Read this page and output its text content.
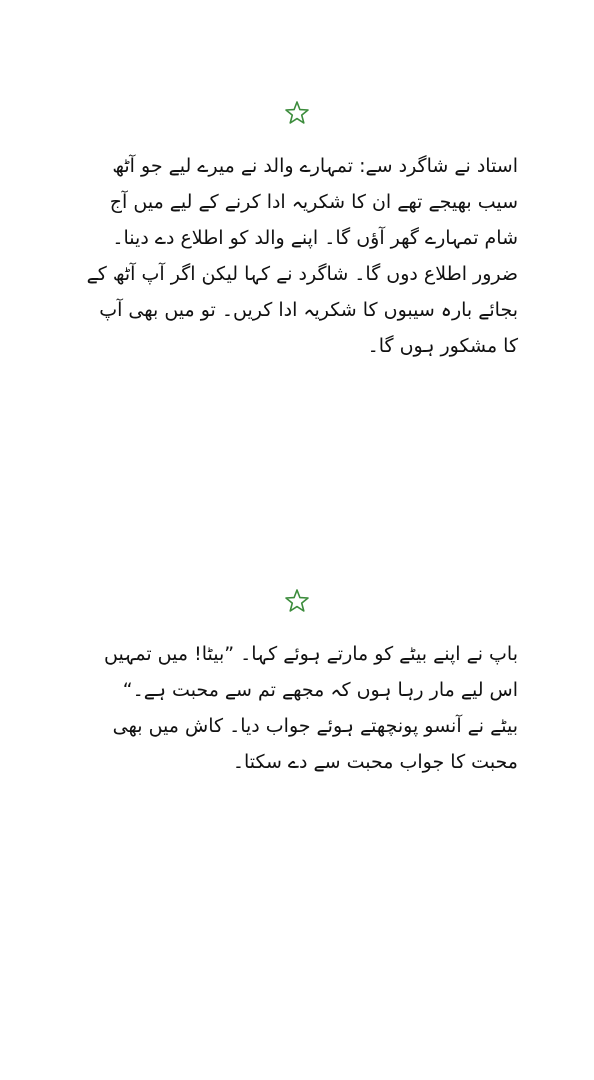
استاد نے شاگرد سے: تمہارے والد نے میرے لیے جو آٹھ سیب بھیجے تھے ان کا شکریہ ادا کرنے کے لیے میں آج شام تمہارے گھر آؤں گا۔ اپنے والد کو اطلاع دے دینا۔

ضرور اطلاع دوں گا۔ شاگرد نے کہا لیکن اگر آپ آٹھ کے بجائے بارہ سیبوں کا شکریہ ادا کریں۔ تو میں بھی آپ کا مشکور ہوں گا۔

باپ نے اپنے بیٹے کو مارتے ہوئے کہا۔ ”بیٹا! میں تمہیں اس لیے مار رہا ہوں کہ مجھے تم سے محبت ہے۔“

بیٹے نے آنسو پونچھتے ہوئے جواب دیا۔ کاش میں بھی محبت کا جواب محبت سے دے سکتا۔
